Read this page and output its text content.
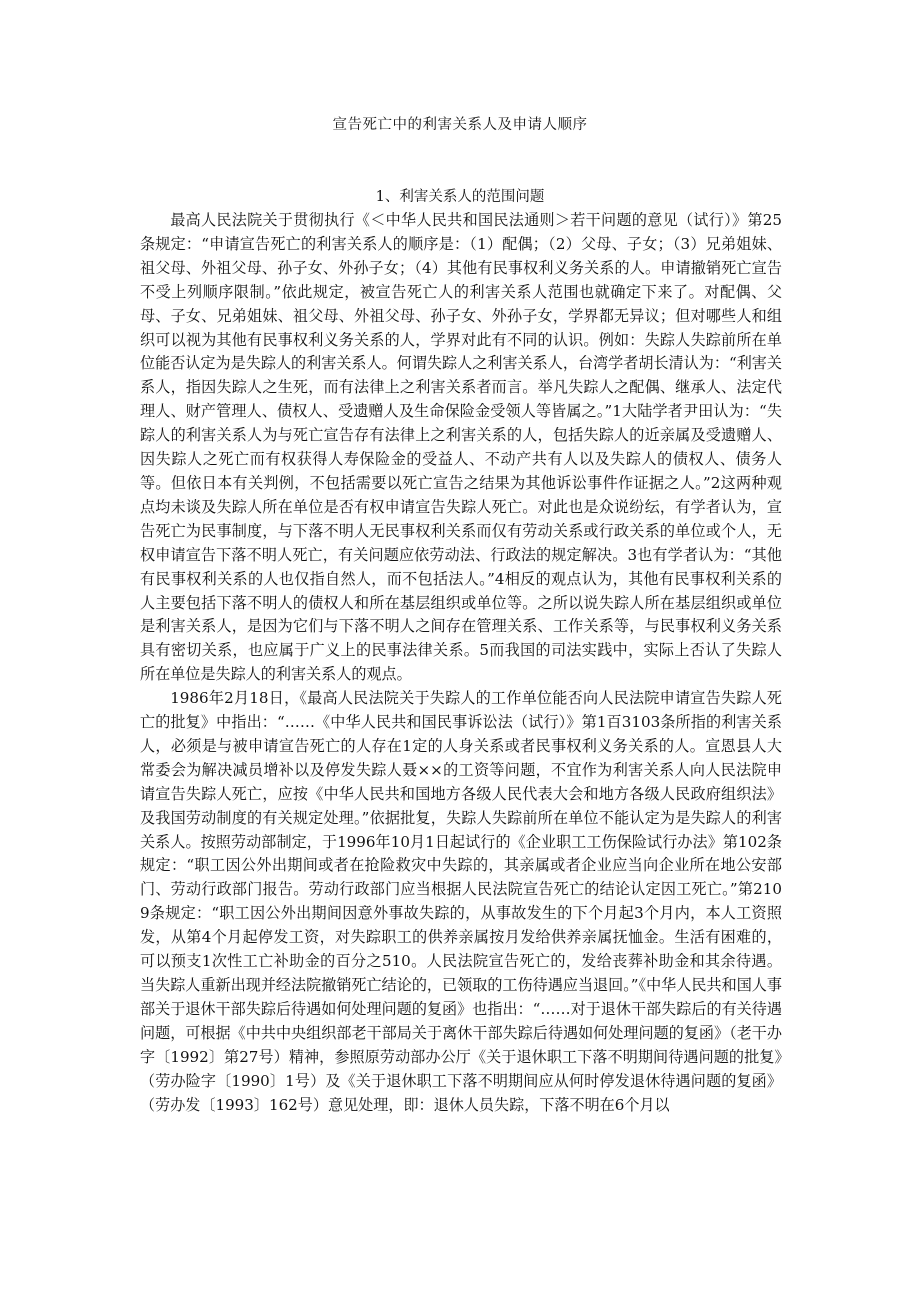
宣告死亡中的利害关系人及申请人顺序
1、利害关系人的范围问题

最高人民法院关于贯彻执行《＜中华人民共和国民法通则＞若干问题的意见（试行）》第25条规定：“申请宣告死亡的利害关系人的顺序是：（1）配偶；（2）父母、子女；（3）兄弟姐妹、祖父母、外祖父母、孙子女、外孙子女；（4）其他有民事权利义务关系的人。申请撤销死亡宣告不受上列顺序限制。”依此规定，被宣告死亡人的利害关系人范围也就确定下来了。对配偶、父母、子女、兄弟姐妹、祖父母、外祖父母、孙子女、外孙子女，学界都无异议；但对哪些人和组织可以视为其他有民事权利义务关系的人，学界对此有不同的认识。例如：失踪人失踪前所在单位能否认定为是失踪人的利害关系人。何谓失踪人之利害关系人，台湾学者胡长清认为：“利害关系人，指因失踪人之生死，而有法律上之利害关系者而言。举凡失踪人之配偶、继承人、法定代理人、财产管理人、债权人、受遗赠人及生命保险金受领人等皆属之。”1大陆学者尹田认为：“失踪人的利害关系人为与死亡宣告存有法律上之利害关系的人，包括失踪人的近亲属及受遗赠人、因失踪人之死亡而有权获得人寿保险金的受益人、不动产共有人以及失踪人的债权人、债务人等。但依日本有关判例，不包括需要以死亡宣告之结果为其他诉讼事件作证据之人。”2这两种观点均未谈及失踪人所在单位是否有权申请宣告失踪人死亡。对此也是众说纷纭，有学者认为，宣告死亡为民事制度，与下落不明人无民事权利关系而仅有劳动关系或行政关系的单位或个人，无权申请宣告下落不明人死亡，有关问题应依劳动法、行政法的规定解决。3也有学者认为：“其他有民事权利关系的人也仅指自然人，而不包括法人。”4相反的观点认为，其他有民事权利关系的人主要包括下落不明人的债权人和所在基层组织或单位等。之所以说失踪人所在基层组织或单位是利害关系人，是因为它们与下落不明人之间存在管理关系、工作关系等，与民事权利义务关系具有密切关系，也应属于广义上的民事法律关系。5而我国的司法实践中，实际上否认了失踪人所在单位是失踪人的利害关系人的观点。

1986年2月18日，《最高人民法院关于失踪人的工作单位能否向人民法院申请宣告失踪人死亡的批复》中指出：“……《中华人民共和国民事诉讼法（试行）》第1百3103条所指的利害关系人，必须是与被申请宣告死亡的人存在1定的人身关系或者民事权利义务关系的人。宣恩县人大常委会为解决减员增补以及停发失踪人聂××的工资等问题，不宜作为利害关系人向人民法院申请宣告失踪人死亡，应按《中华人民共和国地方各级人民代表大会和地方各级人民政府组织法》及我国劳动制度的有关规定处理。”依据批复，失踪人失踪前所在单位不能认定为是失踪人的利害关系人。按照劳动部制定，于1996年10月1日起试行的《企业职工工伤保险试行办法》第102条规定：“职工因公外出期间或者在抢险救灾中失踪的，其亲属或者企业应当向企业所在地公安部门、劳动行政部门报告。劳动行政部门应当根据人民法院宣告死亡的结论认定因工死亡。”第2109条规定：“职工因公外出期间因意外事故失踪的，从事故发生的下个月起3个月内，本人工资照发，从第4个月起停发工资，对失踪职工的供养亲属按月发给供养亲属抚恤金。生活有困难的，可以预支1次性工亡补助金的百分之510。人民法院宣告死亡的，发给丧葬补助金和其余待遇。当失踪人重新出现并经法院撤销死亡结论的，已领取的工伤待遇应当退回。”《中华人民共和国人事部关于退休干部失踪后待遇如何处理问题的复函》也指出：“……对于退休干部失踪后的有关待遇问题，可根据《中共中央组织部老干部局关于离休干部失踪后待遇如何处理问题的复函》（老干办字〔1992〕第27号）精神，参照原劳动部办公厅《关于退休职工下落不明期间待遇问题的批复》（劳办险字〔1990〕1号）及《关于退休职工下落不明期间应从何时停发退休待遇问题的复函》（劳办发〔1993〕162号）意见处理，即：退休人员失踪，下落不明在6个月以
